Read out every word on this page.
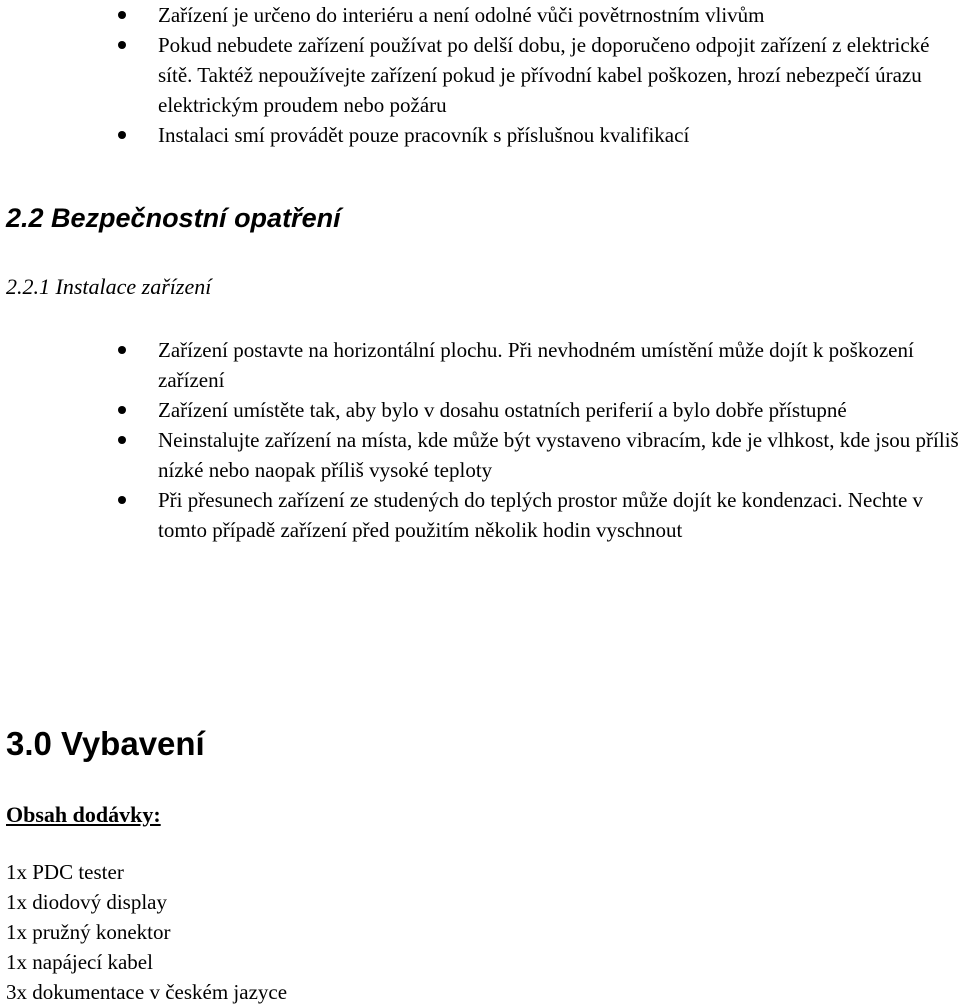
Zařízení je určeno do interiéru a není odolné vůči povětrnostním vlivům
Pokud nebudete zařízení používat po delší dobu, je doporučeno odpojit zařízení z elektrické sítě. Taktéž nepoužívejte zařízení pokud je přívodní kabel poškozen, hrozí nebezpečí úrazu elektrickým proudem nebo požáru
Instalaci smí provádět pouze pracovník s příslušnou kvalifikací
2.2 Bezpečnostní opatření
2.2.1 Instalace zařízení
Zařízení postavte na horizontální plochu. Při nevhodném umístění může dojít k poškození zařízení
Zařízení umístěte tak, aby bylo v dosahu ostatních periferií a bylo dobře přístupné
Neinstalujte zařízení na místa, kde může být vystaveno vibracím, kde je vlhkost, kde jsou příliš nízké nebo naopak příliš vysoké teploty
Při přesunech zařízení ze studených do teplých prostor může dojít ke kondenzaci. Nechte v tomto případě zařízení před použitím několik hodin vyschnout
3.0 Vybavení

Obsah dodávky:

1x PDC tester
1x diodový display
1x pružný konektor
1x napájecí kabel
3x dokumentace v českém jazyce
